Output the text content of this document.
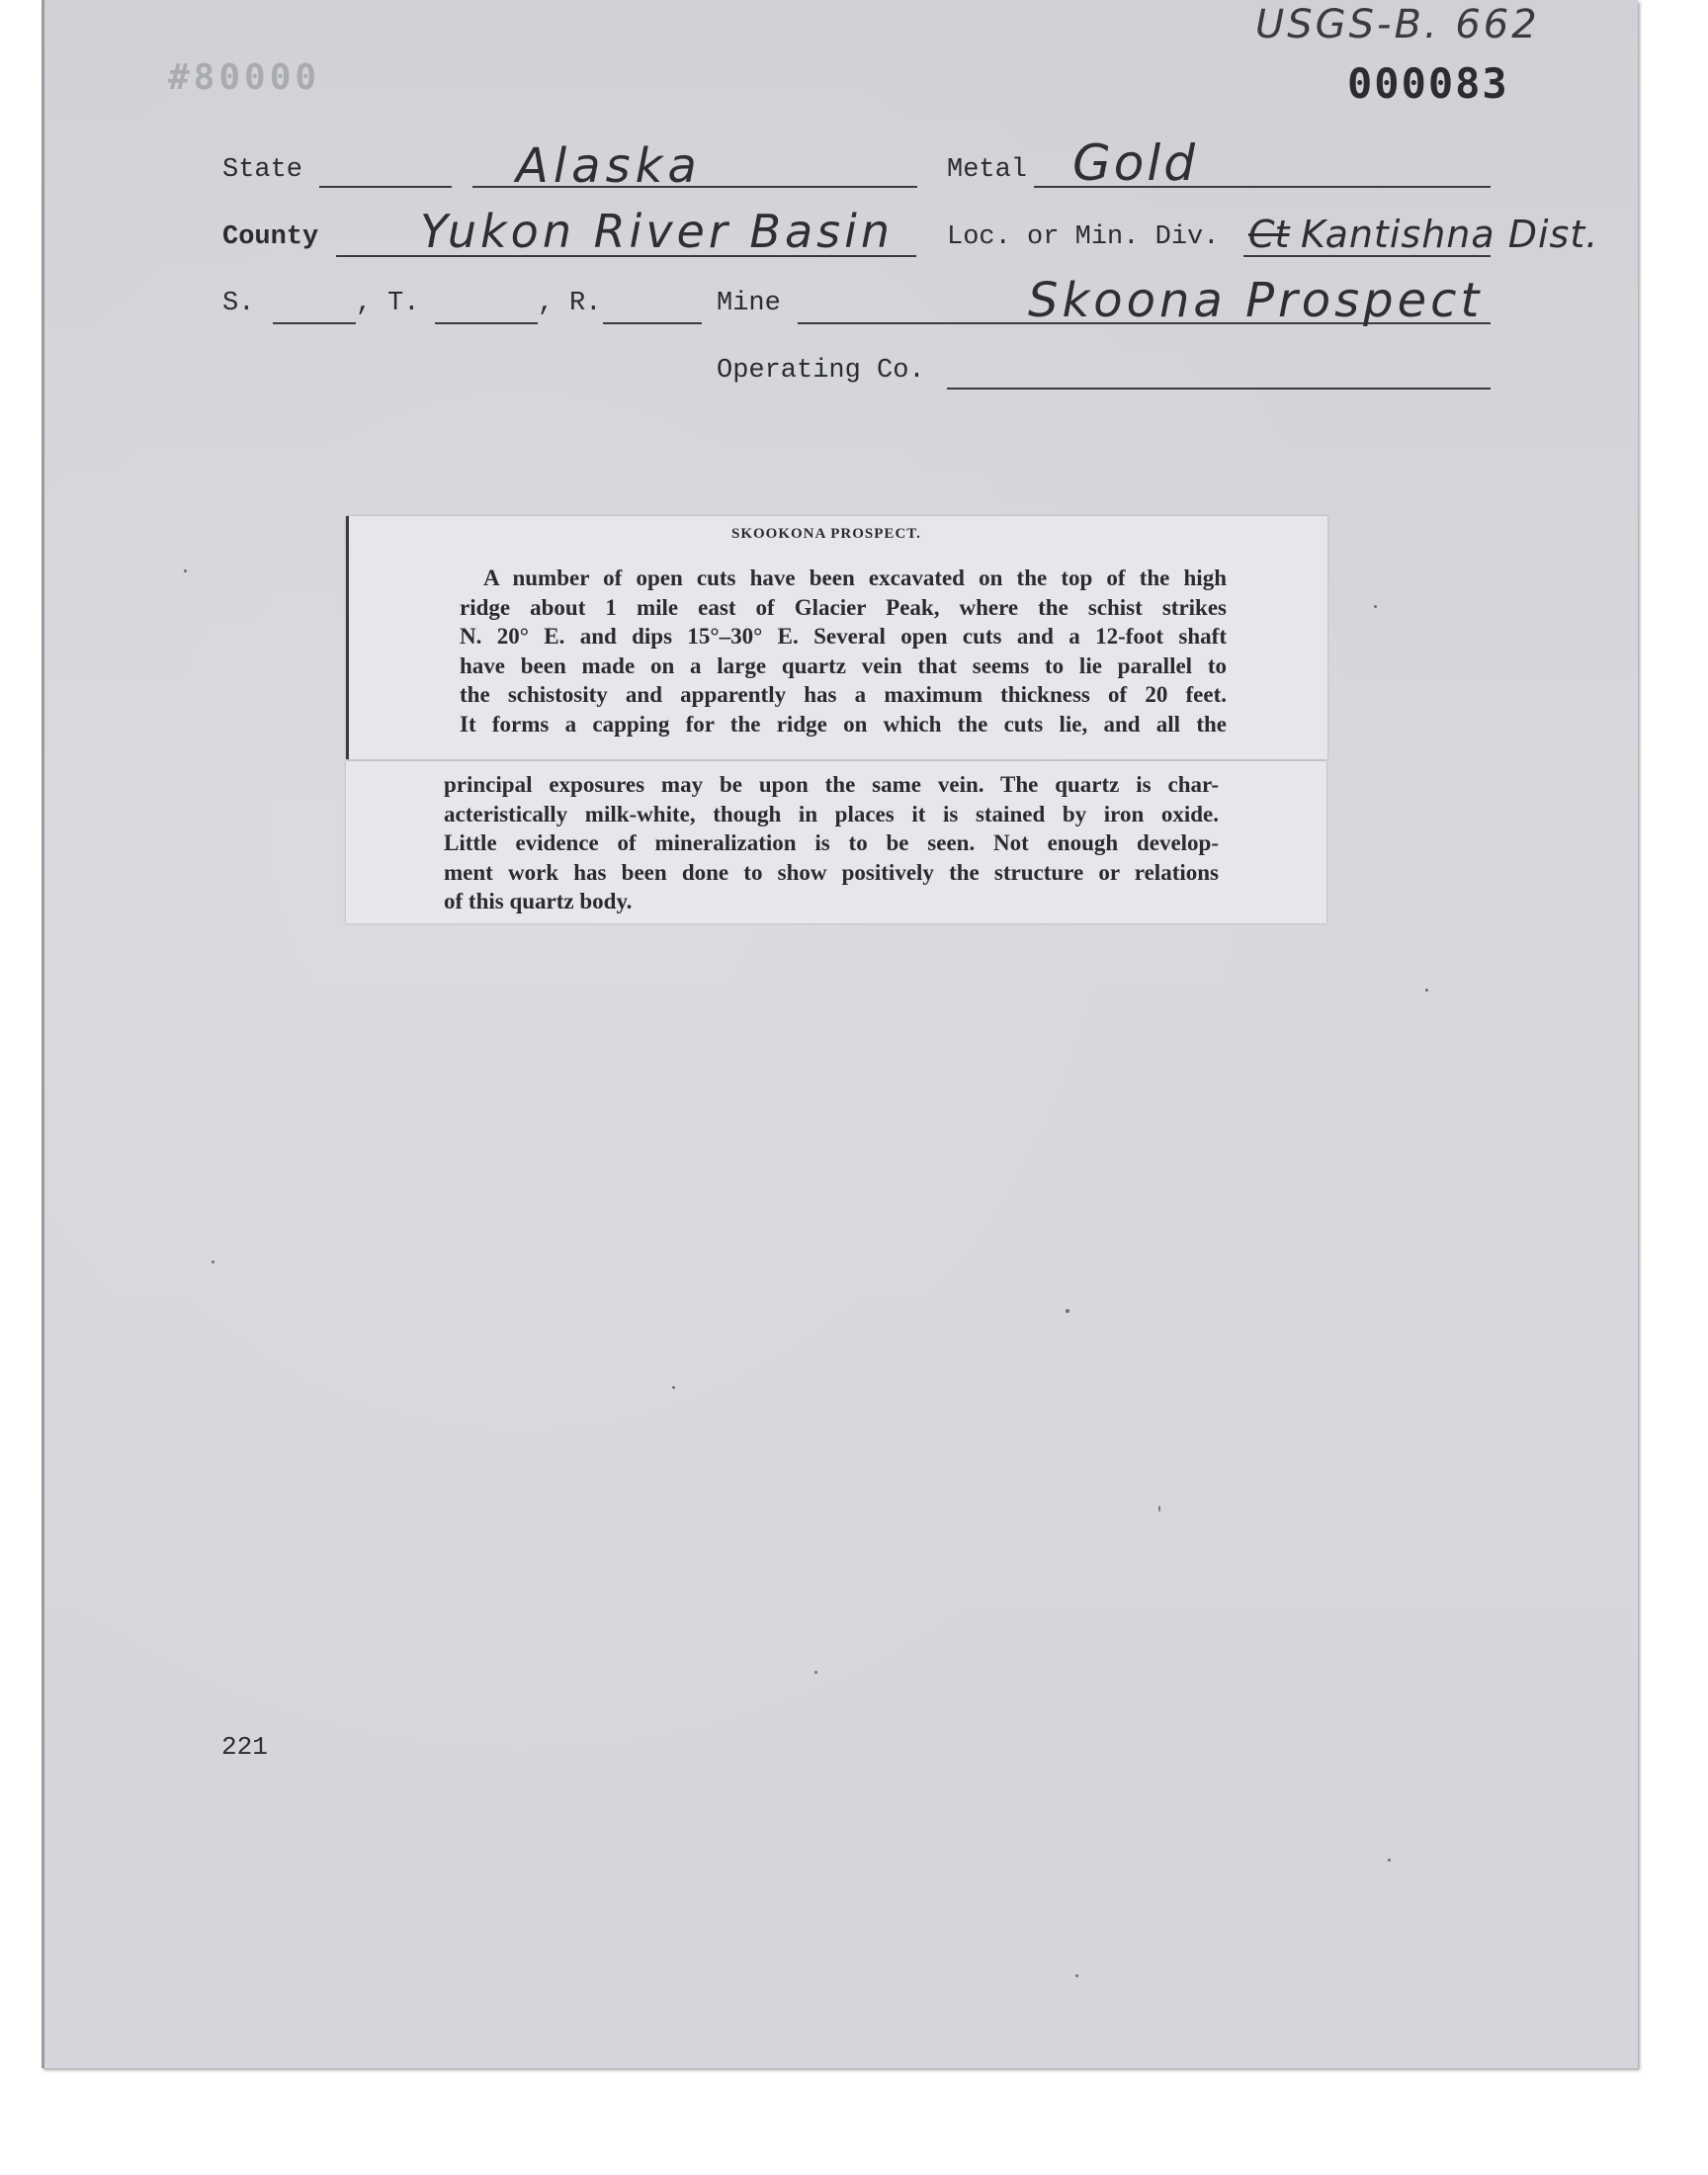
USGS-B. 662
#80000	000083
State	Alaska	Metal Gold
County Yukon River Basin Loc. or Min. Div. Ct Kantishna Dist.
S.	, T.	, R.	Mine	Skoona Prospect
Operating Co.
SKOOKONA PROSPECT.
A number of open cuts have been excavated on the top of the high
ridge about 1 mile east of Glacier Peak, where the schist strikes
N. 20° E. and dips 15°–30° E. Several open cuts and a 12-foot shaft
have been made on a large quartz vein that seems to lie parallel to
the schistosity and apparently has a maximum thickness of 20 feet.
It forms a capping for the ridge on which the cuts lie, and all the
principal exposures may be upon the same vein. The quartz is char-
acteristically milk-white, though in places it is stained by iron oxide.
Little evidence of mineralization is to be seen. Not enough develop-
ment work has been done to show positively the structure or relations
of this quartz body.
221
